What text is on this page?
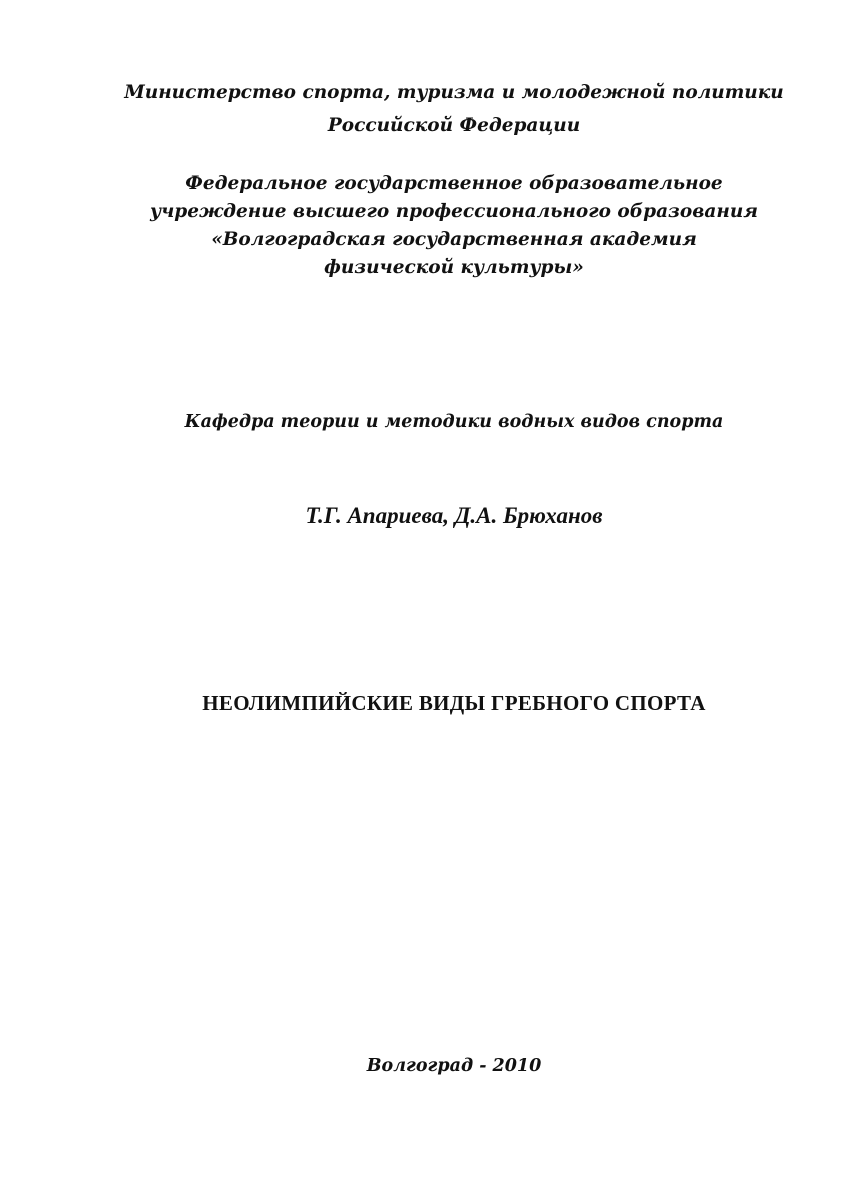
Министерство спорта, туризма и молодежной политики
Российской Федерации
Федеральное государственное образовательное
учреждение высшего профессионального образования
«Волгоградская государственная академия
физической культуры»
Кафедра теории и методики водных видов спорта
Т.Г. Апариева, Д.А. Брюханов
НЕОЛИМПИЙСКИЕ ВИДЫ ГРЕБНОГО СПОРТА
Волгоград - 2010
